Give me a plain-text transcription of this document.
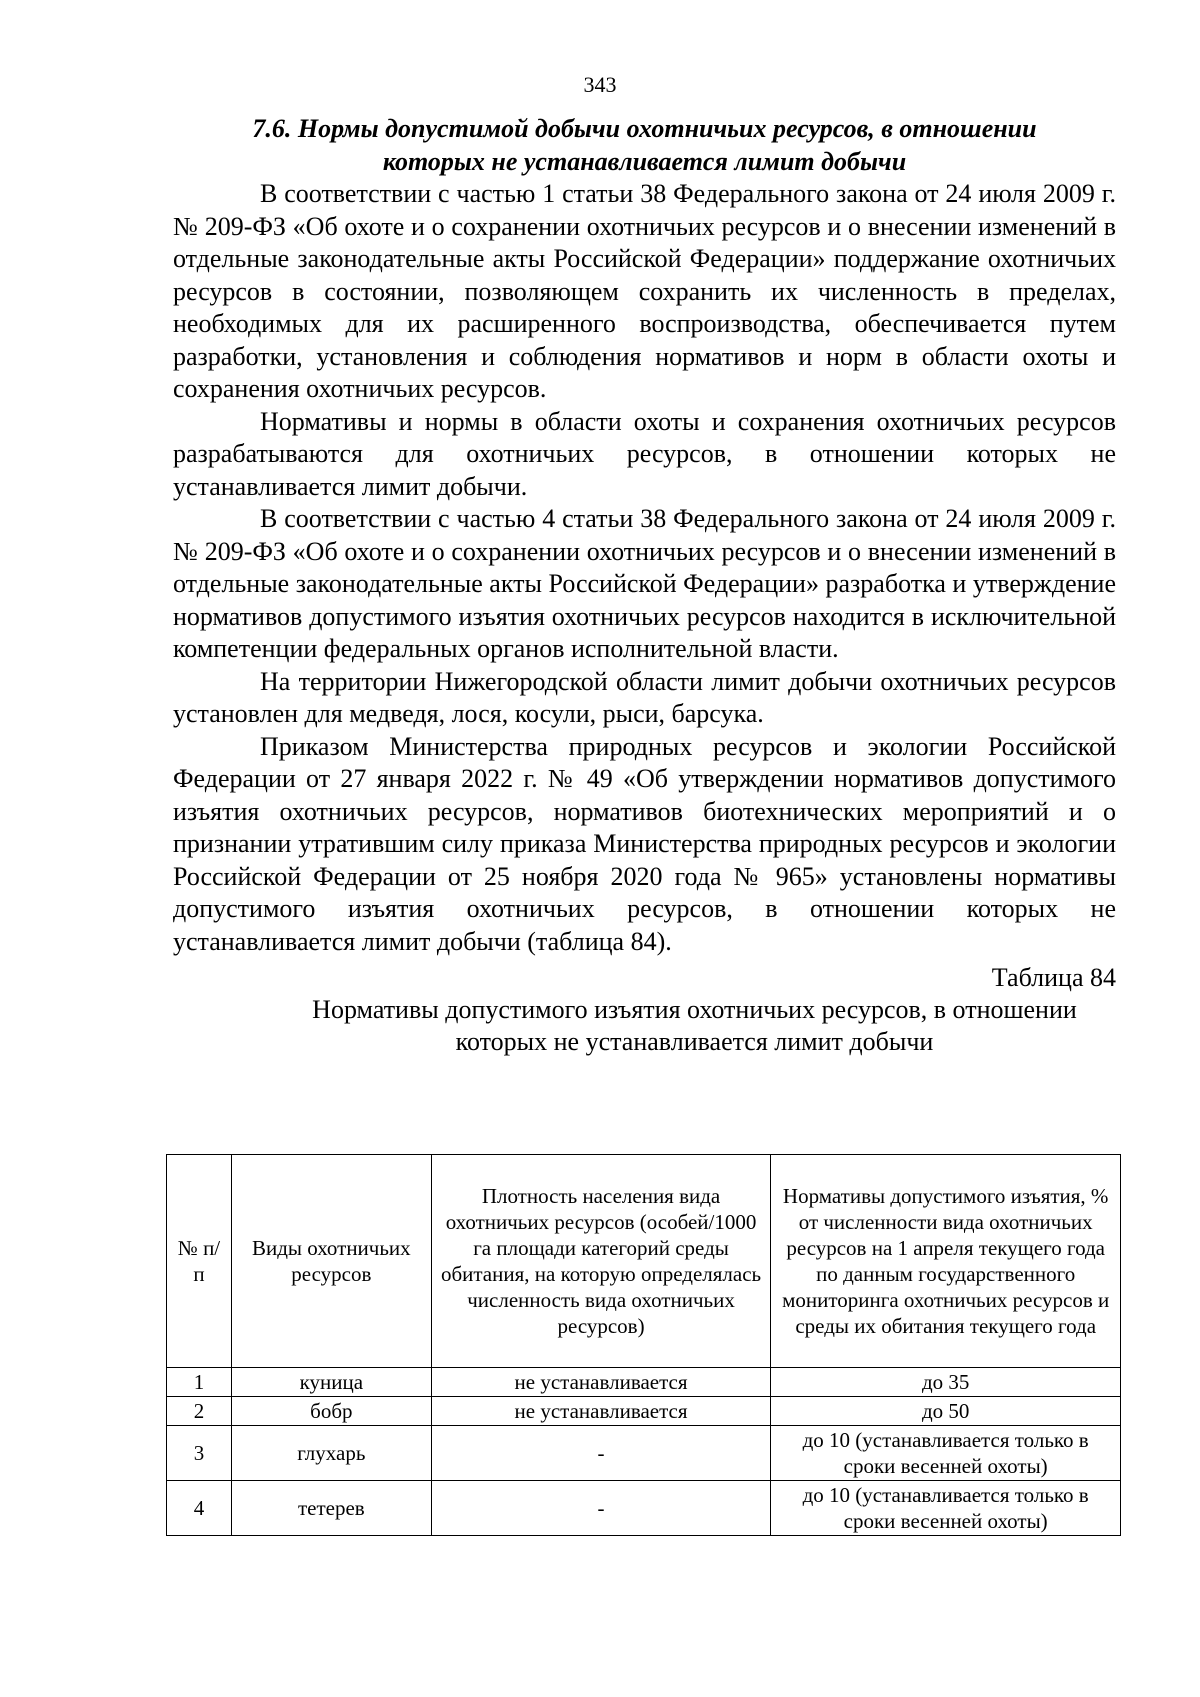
343

7.6. Нормы допустимой добычи охотничьих ресурсов, в отношении
которых не устанавливается лимит добычи

В соответствии с частью 1 статьи 38 Федерального закона от 24 июля 2009 г. № 209-ФЗ «Об охоте и о сохранении охотничьих ресурсов и о внесении изменений в отдельные законодательные акты Российской Федерации» поддержание охотничьих ресурсов в состоянии, позволяющем сохранить их численность в пределах, необходимых для их расширенного воспроизводства, обеспечивается путем разработки, установления и соблюдения нормативов и норм в области охоты и сохранения охотничьих ресурсов.

Нормативы и нормы в области охоты и сохранения охотничьих ресурсов разрабатываются для охотничьих ресурсов, в отношении которых не устанавливается лимит добычи.

В соответствии с частью 4 статьи 38 Федерального закона от 24 июля 2009 г. № 209-ФЗ «Об охоте и о сохранении охотничьих ресурсов и о внесении изменений в отдельные законодательные акты Российской Федерации» разработка и утверждение нормативов допустимого изъятия охотничьих ресурсов находится в исключительной компетенции федеральных органов исполнительной власти.

На территории Нижегородской области лимит добычи охотничьих ресурсов установлен для медведя, лося, косули, рыси, барсука.

Приказом Министерства природных ресурсов и экологии Российской Федерации от 27 января 2022 г. № 49 «Об утверждении нормативов допустимого изъятия охотничьих ресурсов, нормативов биотехнических мероприятий и о признании утратившим силу приказа Министерства природных ресурсов и экологии Российской Федерации от 25 ноября 2020 года № 965» установлены нормативы допустимого изъятия охотничьих ресурсов, в отношении которых не устанавливается лимит добычи (таблица 84).

Таблица 84

Нормативы допустимого изъятия охотничьих ресурсов, в отношении
которых не устанавливается лимит добычи

№ п/п	Виды охотничьих ресурсов	Плотность населения вида охотничьих ресурсов (особей/1000 га площади категорий среды обитания, на которую определялась численность вида охотничьих ресурсов)	Нормативы допустимого изъятия, % от численности вида охотничьих ресурсов на 1 апреля текущего года по данным государственного мониторинга охотничьих ресурсов и среды их обитания текущего года
1	куница	не устанавливается	до 35
2	бобр	не устанавливается	до 50
3	глухарь	-	до 10 (устанавливается только в сроки весенней охоты)
4	тетерев	-	до 10 (устанавливается только в сроки весенней охоты)
